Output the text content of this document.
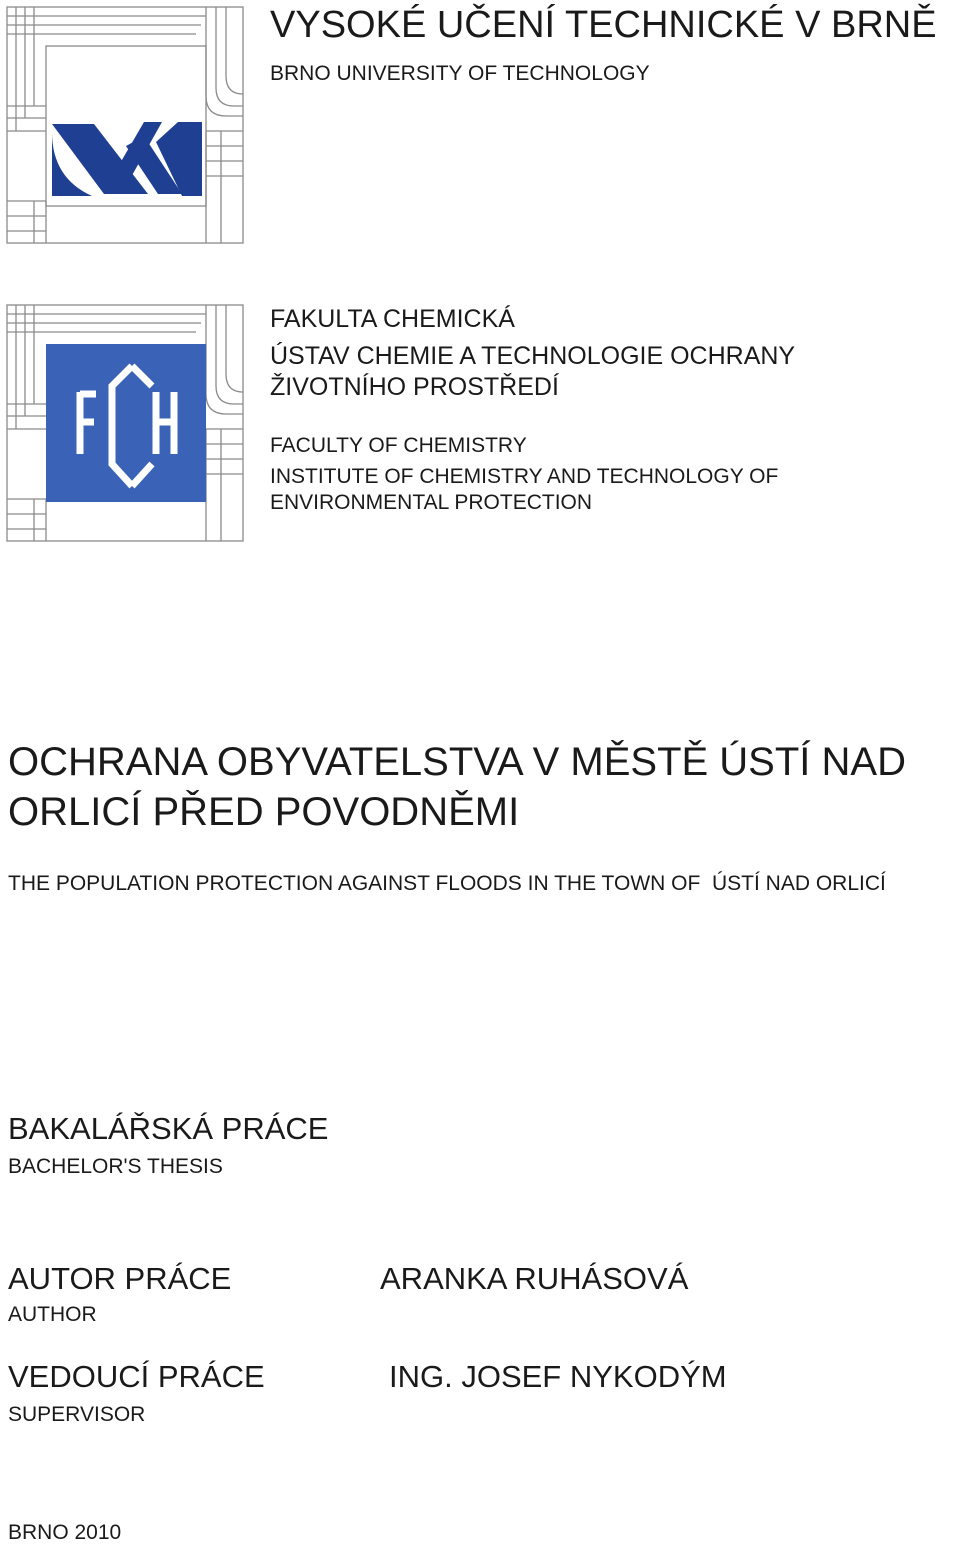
VYSOKÉ UČENÍ TECHNICKÉ V BRNĚ
BRNO UNIVERSITY OF TECHNOLOGY
FAKULTA CHEMICKÁ
ÚSTAV CHEMIE A TECHNOLOGIE OCHRANY
ŽIVOTNÍHO PROSTŘEDÍ
FACULTY OF CHEMISTRY
INSTITUTE OF CHEMISTRY AND TECHNOLOGY OF
ENVIRONMENTAL PROTECTION
OCHRANA OBYVATELSTVA V MĚSTĚ ÚSTÍ NAD
ORLICÍ PŘED POVODNĚMI
THE POPULATION PROTECTION AGAINST FLOODS IN THE TOWN OF  ÚSTÍ NAD ORLICÍ
BAKALÁŘSKÁ PRÁCE
BACHELOR'S THESIS
AUTOR PRÁCE
AUTHOR
ARANKA RUHÁSOVÁ
VEDOUCÍ PRÁCE
SUPERVISOR
ING. JOSEF NYKODÝM
BRNO 2010
